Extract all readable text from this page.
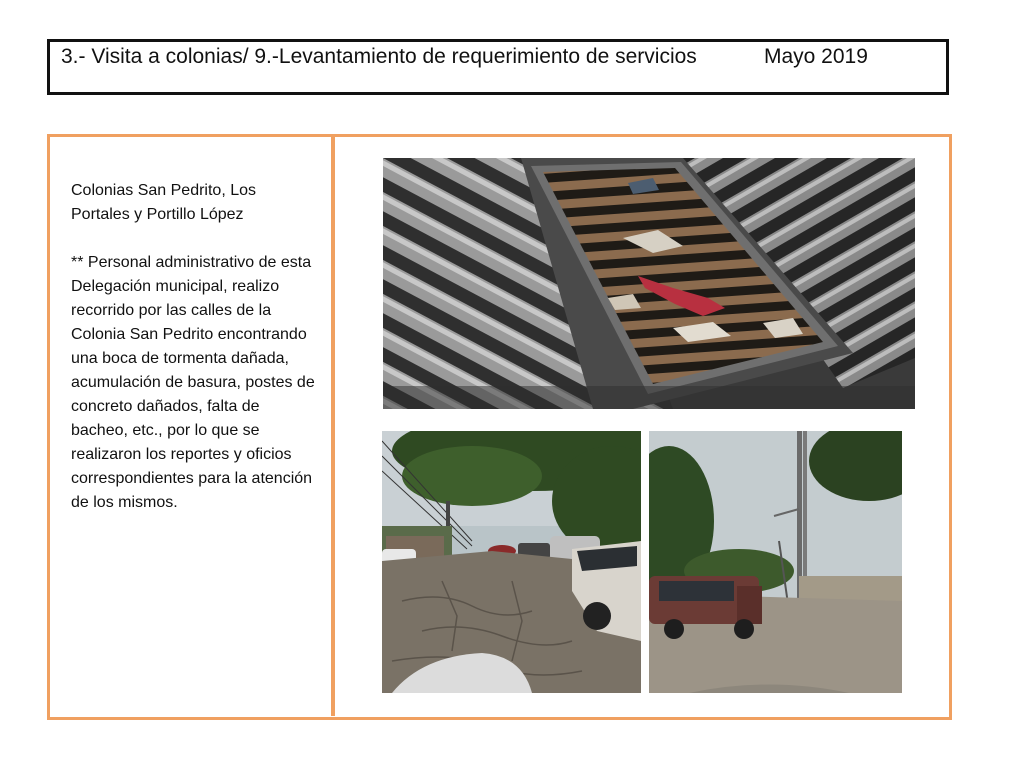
3.- Visita a colonias/ 9.-Levantamiento de requerimiento de servicios	Mayo 2019

Colonias San Pedrito, Los Portales y Portillo López

** Personal administrativo de esta Delegación municipal, realizo recorrido por las calles de la Colonia San Pedrito encontrando una boca de tormenta dañada, acumulación de basura, postes de concreto dañados, falta de bacheo, etc., por lo que se realizaron los reportes y oficios correspondientes para la atención de los mismos.
